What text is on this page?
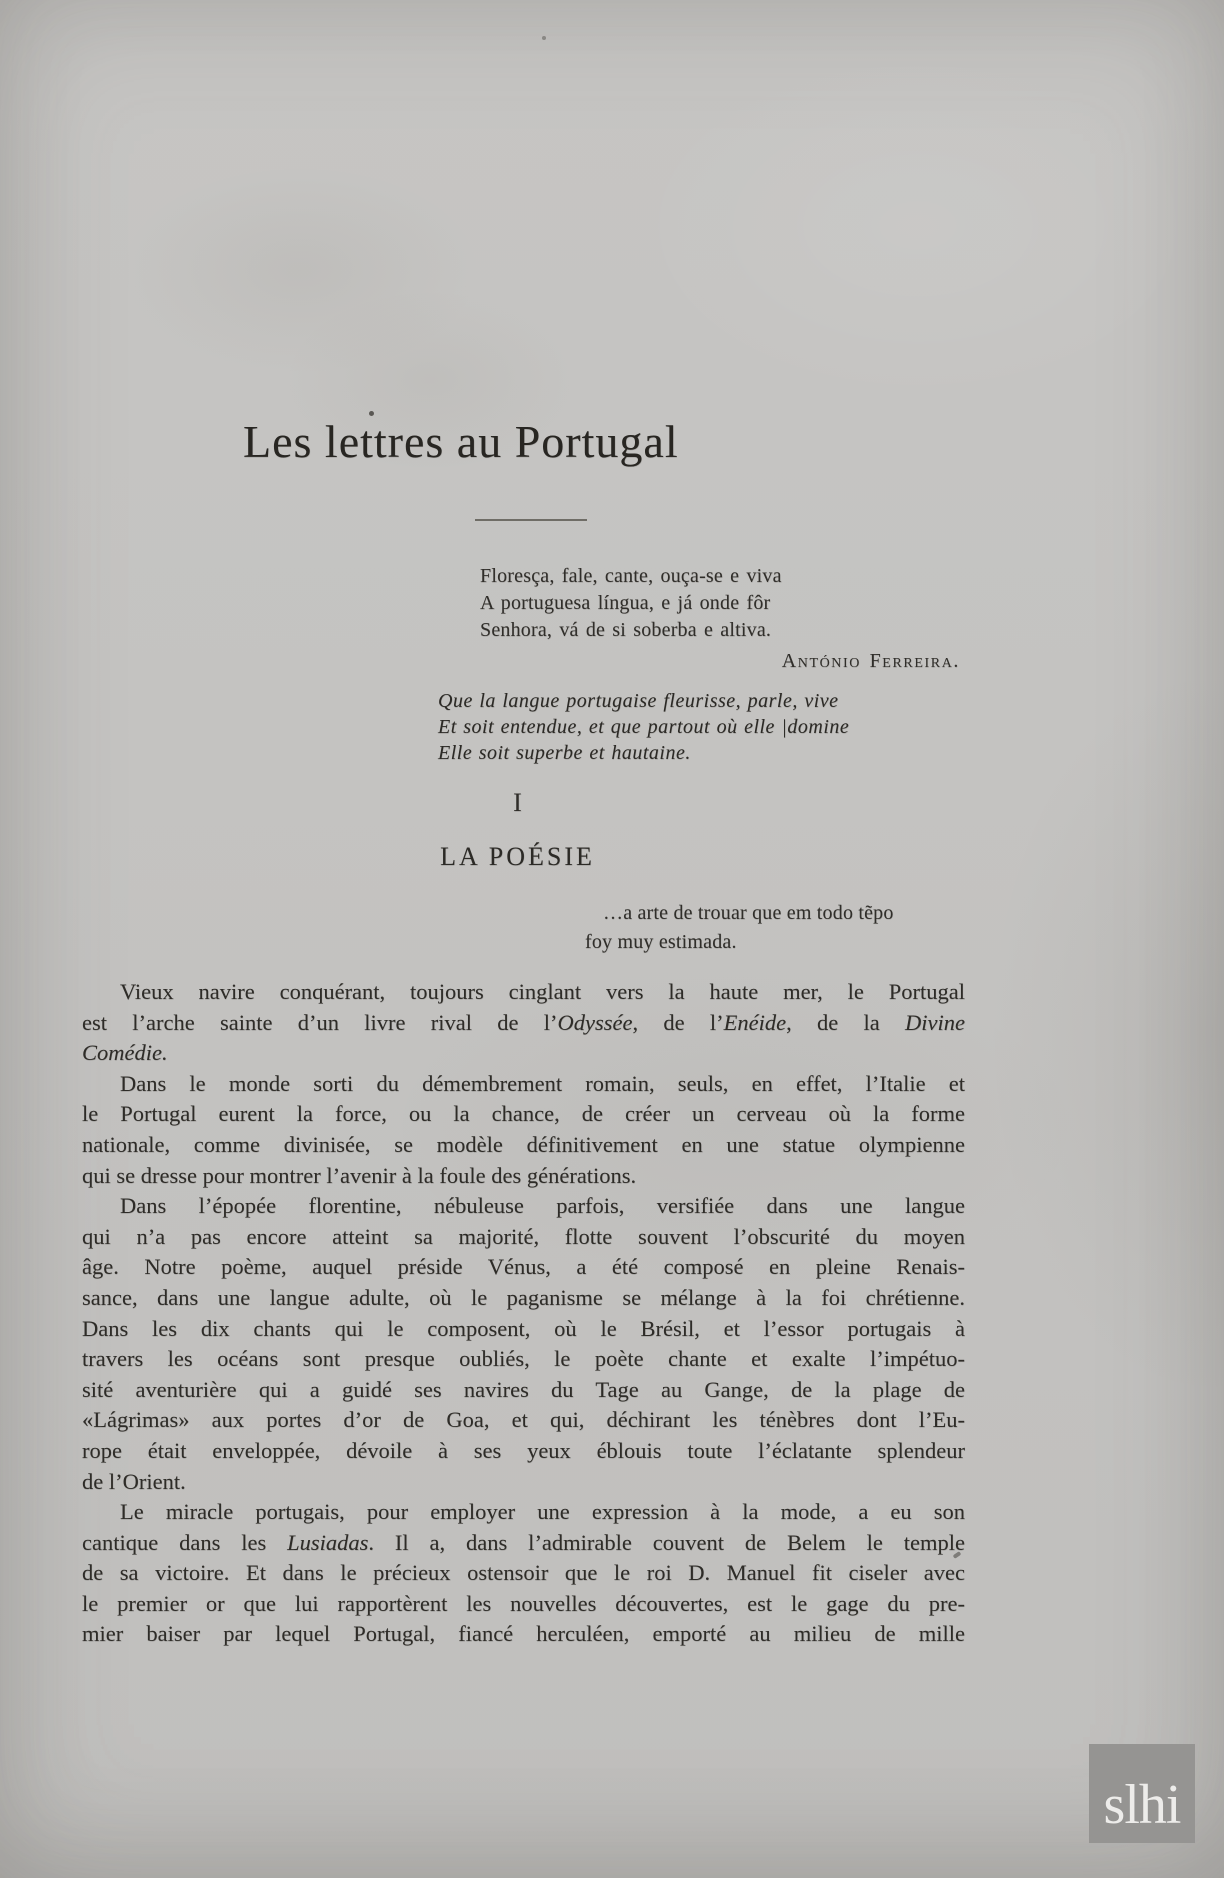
Les lettres au Portugal
Floresça, fale, cante, ouça-se e viva
A portuguesa língua, e já onde fôr
Senhora, vá de si soberba e altiva.
António Ferreira.
Que la langue portugaise fleurisse, parle, vive
Et soit entendue, et que partout où elle |domine
Elle soit superbe et hautaine.
I
LA POÉSIE
…a arte de trouar que em todo tẽpo
foy muy estimada.
Vieux navire conquérant, toujours cinglant vers la haute mer, le Portugal
est l’arche sainte d’un livre rival de l’Odyssée, de l’Enéide, de la Divine
Comédie.
Dans le monde sorti du démembrement romain, seuls, en effet, l’Italie et
le Portugal eurent la force, ou la chance, de créer un cerveau où la forme
nationale, comme divinisée, se modèle définitivement en une statue olympienne
qui se dresse pour montrer l’avenir à la foule des générations.
Dans l’épopée florentine, nébuleuse parfois, versifiée dans une langue
qui n’a pas encore atteint sa majorité, flotte souvent l’obscurité du moyen
âge. Notre poème, auquel préside Vénus, a été composé en pleine Renais-
sance, dans une langue adulte, où le paganisme se mélange à la foi chrétienne.
Dans les dix chants qui le composent, où le Brésil, et l’essor portugais à
travers les océans sont presque oubliés, le poète chante et exalte l’impétuo-
sité aventurière qui a guidé ses navires du Tage au Gange, de la plage de
«Lágrimas» aux portes d’or de Goa, et qui, déchirant les ténèbres dont l’Eu-
rope était enveloppée, dévoile à ses yeux éblouis toute l’éclatante splendeur
de l’Orient.
Le miracle portugais, pour employer une expression à la mode, a eu son
cantique dans les Lusiadas. Il a, dans l’admirable couvent de Belem le temple
de sa victoire. Et dans le précieux ostensoir que le roi D. Manuel fit ciseler avec
le premier or que lui rapportèrent les nouvelles découvertes, est le gage du pre-
mier baiser par lequel Portugal, fiancé herculéen, emporté au milieu de mille
slhi
